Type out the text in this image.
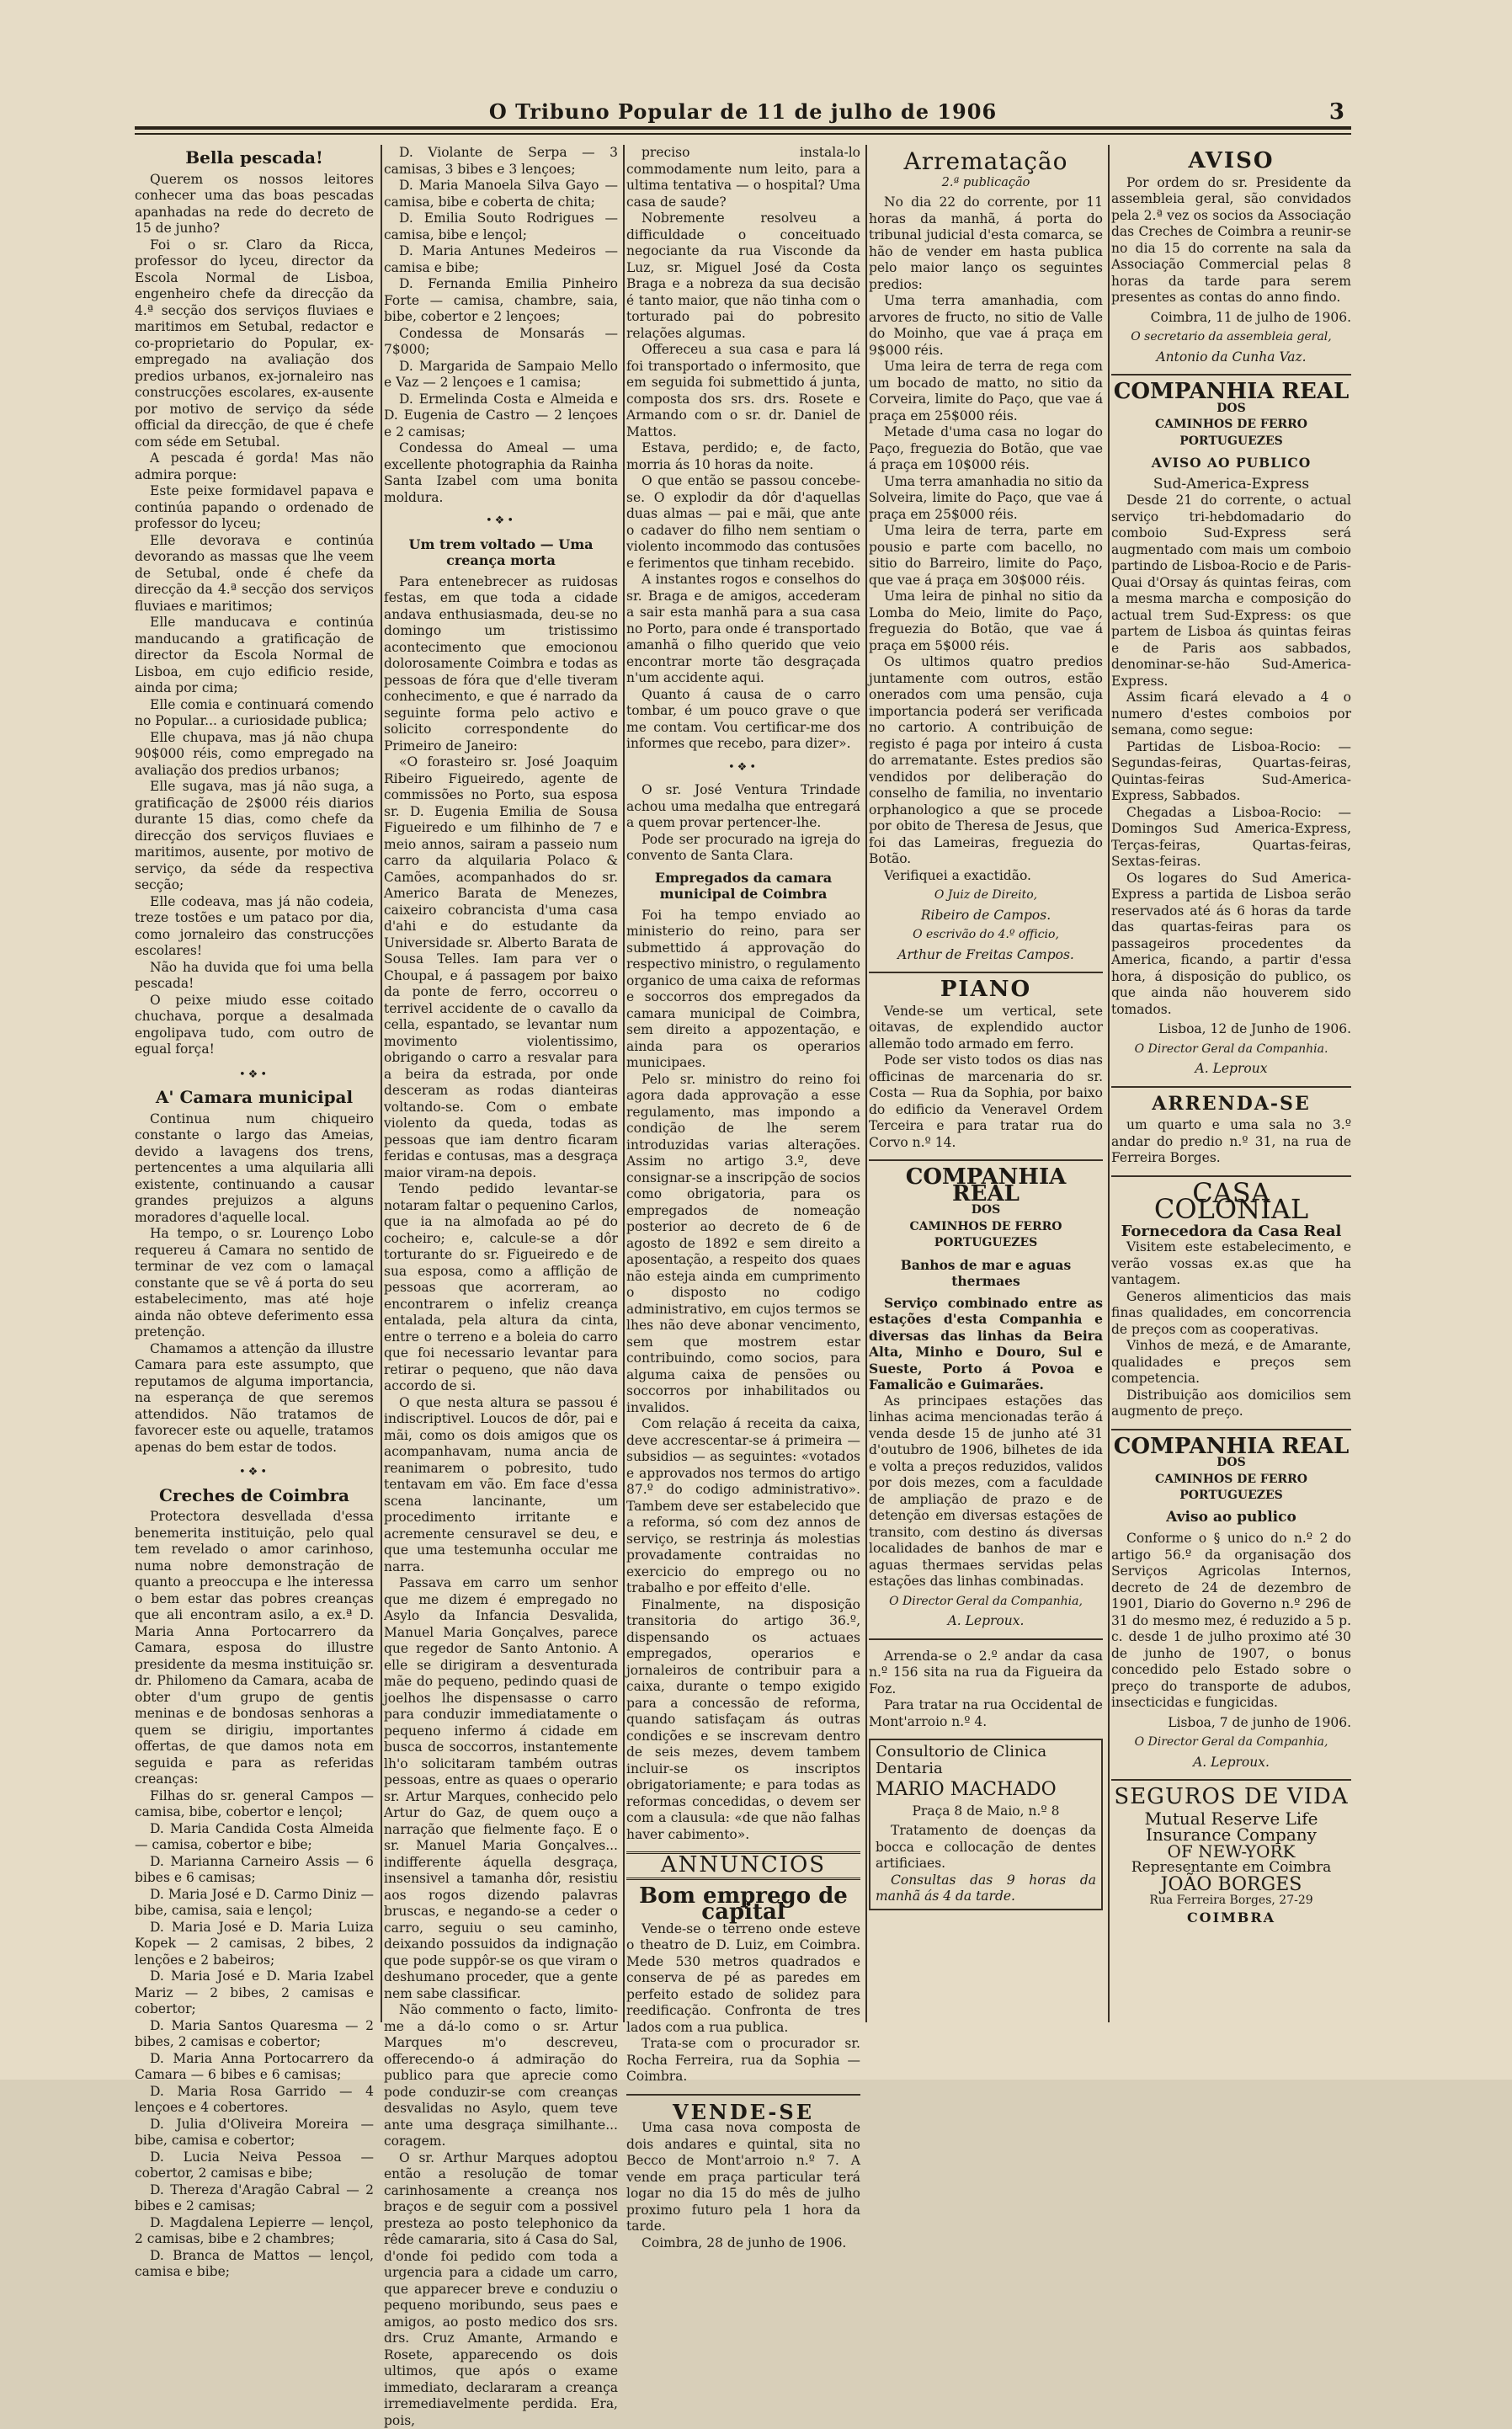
O Tribuno Popular de 11 de julho de 1906	3
Bella pescada!

Querem os nossos leitores conhecer uma das boas pescadas apanhadas na rede do decreto de 15 de junho?

Foi o sr. Claro da Ricca, professor do lyceu, director da Escola Normal de Lisboa, engenheiro chefe da direcção da 4.ª secção dos serviços fluviaes e maritimos em Setubal, redactor e co-proprietario do Popular, ex-empregado na avaliação dos predios urbanos, ex-jornaleiro nas construcções escolares, ex-ausente por motivo de serviço da séde official da direcção, de que é chefe com séde em Setubal.

A pescada é gorda! Mas não admira porque:

Este peixe formidavel papava e continúa papando o ordenado de professor do lyceu;

Elle devorava e continúa devorando as massas que lhe veem de Setubal, onde é chefe da direcção da 4.ª secção dos serviços fluviaes e maritimos;

Elle manducava e continúa manducando a gratificação de director da Escola Normal de Lisboa, em cujo edificio reside, ainda por cima;

Elle comia e continuará comendo no Popular... a curiosidade publica;

Elle chupava, mas já não chupa 90$000 réis, como empregado na avaliação dos predios urbanos;

Elle sugava, mas já não suga, a gratificação de 2$000 réis diarios durante 15 dias, como chefe da direcção dos serviços fluviaes e maritimos, ausente, por motivo de serviço, da séde da respectiva secção;

Elle codeava, mas já não codeia, treze tostões e um pataco por dia, como jornaleiro das construcções escolares!

Não ha duvida que foi uma bella pescada!

O peixe miudo esse coitado chuchava, porque a desalmada engolipava tudo, com outro de egual força!

•❖•
A' Camara municipal

Continua num chiqueiro constante o largo das Ameias, devido a lavagens dos trens, pertencentes a uma alquilaria alli existente, continuando a causar grandes prejuizos a alguns moradores d'aquelle local.

Ha tempo, o sr. Lourenço Lobo requereu á Camara no sentido de terminar de vez com o lamaçal constante que se vê á porta do seu estabelecimento, mas até hoje ainda não obteve deferimento essa pretenção.

Chamamos a attenção da illustre Camara para este assumpto, que reputamos de alguma importancia, na esperança de que seremos attendidos. Não tratamos de favorecer este ou aquelle, tratamos apenas do bem estar de todos.

•❖•
Creches de Coimbra

Protectora desvellada d'essa benemerita instituição, pelo qual tem revelado o amor carinhoso, numa nobre demonstração de quanto a preoccupa e lhe interessa o bem estar das pobres creanças que ali encontram asilo, a ex.ª D. Maria Anna Portocarrero da Camara, esposa do illustre presidente da mesma instituição sr. dr. Philomeno da Camara, acaba de obter d'um grupo de gentis meninas e de bondosas senhoras a quem se dirigiu, importantes offertas, de que damos nota em seguida e para as referidas creanças:

Filhas do sr. general Campos — camisa, bibe, cobertor e lençol;

D. Maria Candida Costa Almeida — camisa, cobertor e bibe;

D. Marianna Carneiro Assis — 6 bibes e 6 camisas;

D. Maria José e D. Carmo Diniz — bibe, camisa, saia e lençol;

D. Maria José e D. Maria Luiza Kopek — 2 camisas, 2 bibes, 2 lenções e 2 babeiros;

D. Maria José e D. Maria Izabel Mariz — 2 bibes, 2 camisas e cobertor;

D. Maria Santos Quaresma — 2 bibes, 2 camisas e cobertor;

D. Maria Anna Portocarrero da Camara — 6 bibes e 6 camisas;

D. Maria Rosa Garrido — 4 lençoes e 4 cobertores.

D. Julia d'Oliveira Moreira — bibe, camisa e cobertor;

D. Lucia Neiva Pessoa — cobertor, 2 camisas e bibe;

D. Thereza d'Aragão Cabral — 2 bibes e 2 camisas;

D. Magdalena Lepierre — lençol, 2 camisas, bibe e 2 chambres;

D. Branca de Mattos — lençol, camisa e bibe;

D. Violante de Serpa — 3 camisas, 3 bibes e 3 lençoes;

D. Maria Manoela Silva Gayo — camisa, bibe e coberta de chita;

D. Emilia Souto Rodrigues — camisa, bibe e lençol;

D. Maria Antunes Medeiros — camisa e bibe;

D. Fernanda Emilia Pinheiro Forte — camisa, chambre, saia, bibe, cobertor e 2 lençoes;

Condessa de Monsarás — 7$000;

D. Margarida de Sampaio Mello e Vaz — 2 lençoes e 1 camisa;

D. Ermelinda Costa e Almeida e D. Eugenia de Castro — 2 lençoes e 2 camisas;

Condessa do Ameal — uma excellente photographia da Rainha Santa Izabel com uma bonita moldura.

•❖•
Um trem voltado — Uma creança morta

Para entenebrecer as ruidosas festas, em que toda a cidade andava enthusiasmada, deu-se no domingo um tristissimo acontecimento que emocionou dolorosamente Coimbra e todas as pessoas de fóra que d'elle tiveram conhecimento, e que é narrado da seguinte forma pelo activo e solicito correspondente do Primeiro de Janeiro:

«O forasteiro sr. José Joaquim Ribeiro Figueiredo, agente de commissões no Porto, sua esposa sr. D. Eugenia Emilia de Sousa Figueiredo e um filhinho de 7 e meio annos, sairam a passeio num carro da alquilaria Polaco & Camões, acompanhados do sr. Americo Barata de Menezes, caixeiro cobrancista d'uma casa d'ahi e do estudante da Universidade sr. Alberto Barata de Sousa Telles. Iam para ver o Choupal, e á passagem por baixo da ponte de ferro, occorreu o terrivel accidente de o cavallo da cella, espantado, se levantar num movimento violentissimo, obrigando o carro a resvalar para a beira da estrada, por onde desceram as rodas dianteiras voltando-se. Com o embate violento da queda, todas as pessoas que iam dentro ficaram feridas e contusas, mas a desgraça maior viram-na depois.

Tendo pedido levantar-se notaram faltar o pequenino Carlos, que ia na almofada ao pé do cocheiro; e, calcule-se a dôr torturante do sr. Figueiredo e de sua esposa, como a afflição de pessoas que acorreram, ao encontrarem o infeliz creança entalada, pela altura da cinta, entre o terreno e a boleia do carro que foi necessario levantar para retirar o pequeno, que não dava accordo de si.

O que nesta altura se passou é indiscriptivel. Loucos de dôr, pai e mãi, como os dois amigos que os acompanhavam, numa ancia de reanimarem o pobresito, tudo tentavam em vão. Em face d'essa scena lancinante, um procedimento irritante e acremente censuravel se deu, e que uma testemunha occular me narra.

Passava em carro um senhor que me dizem é empregado no Asylo da Infancia Desvalida, Manuel Maria Gonçalves, parece que regedor de Santo Antonio. A elle se dirigiram a desventurada mãe do pequeno, pedindo quasi de joelhos lhe dispensasse o carro para conduzir immediatamente o pequeno infermo á cidade em busca de soccorros, instantemente lh'o solicitaram também outras pessoas, entre as quaes o operario sr. Artur Marques, conhecido pelo Artur do Gaz, de quem ouço a narração que fielmente faço. E o sr. Manuel Maria Gonçalves... indifferente áquella desgraça, insensivel a tamanha dôr, resistiu aos rogos dizendo palavras bruscas, e negando-se a ceder o carro, seguiu o seu caminho, deixando possuidos da indignação que pode suppôr-se os que viram o deshumano proceder, que a gente nem sabe classificar.

Não commento o facto, limito-me a dá-lo como o sr. Artur Marques m'o descreveu, offerecendo-o á admiração do publico para que aprecie como pode conduzir-se com creanças desvalidas no Asylo, quem teve ante uma desgraça similhante... coragem.

O sr. Arthur Marques adoptou então a resolução de tomar carinhosamente a creança nos braços e de seguir com a possivel presteza ao posto telephonico da rêde camararia, sito á Casa do Sal, d'onde foi pedido com toda a urgencia para a cidade um carro, que apparecer breve e conduziu o pequeno moribundo, seus paes e amigos, ao posto medico dos srs. drs. Cruz Amante, Armando e Rosete, apparecendo os dois ultimos, que após o exame immediato, declararam a creança irremediavelmente perdida. Era, pois,

preciso instala-lo commodamente num leito, para a ultima tentativa — o hospital? Uma casa de saude?

Nobremente resolveu a difficuldade o conceituado negociante da rua Visconde da Luz, sr. Miguel José da Costa Braga e a nobreza da sua decisão é tanto maior, que não tinha com o torturado pai do pobresito relações algumas.

Offereceu a sua casa e para lá foi transportado o infermosito, que em seguida foi submettido á junta, composta dos srs. drs. Rosete e Armando com o sr. dr. Daniel de Mattos.

Estava, perdido; e, de facto, morria ás 10 horas da noite.

O que então se passou concebe-se. O explodir da dôr d'aquellas duas almas — pai e mãi, que ante o cadaver do filho nem sentiam o violento incommodo das contusões e ferimentos que tinham recebido.

A instantes rogos e conselhos do sr. Braga e de amigos, accederam a sair esta manhã para a sua casa no Porto, para onde é transportado amanhã o filho querido que veio encontrar morte tão desgraçada n'um accidente aqui.

Quanto á causa de o carro tombar, é um pouco grave o que me contam. Vou certificar-me dos informes que recebo, para dizer».

•❖•

O sr. José Ventura Trindade achou uma medalha que entregará a quem provar pertencer-lhe.

Pode ser procurado na igreja do convento de Santa Clara.

Empregados da camara municipal de Coimbra

Foi ha tempo enviado ao ministerio do reino, para ser submettido á approvação do respectivo ministro, o regulamento organico de uma caixa de reformas e soccorros dos empregados da camara municipal de Coimbra, sem direito a appozentação, e ainda para os operarios municipaes.

Pelo sr. ministro do reino foi agora dada approvação a esse regulamento, mas impondo a condição de lhe serem introduzidas varias alterações. Assim no artigo 3.º, deve consignar-se a inscripção de socios como obrigatoria, para os empregados de nomeação posterior ao decreto de 6 de agosto de 1892 e sem direito a aposentação, a respeito dos quaes não esteja ainda em cumprimento o disposto no codigo administrativo, em cujos termos se lhes não deve abonar vencimento, sem que mostrem estar contribuindo, como socios, para alguma caixa de pensões ou soccorros por inhabilitados ou invalidos.

Com relação á receita da caixa, deve accrescentar-se á primeira — subsidios — as seguintes: «votados e approvados nos termos do artigo 87.º do codigo administrativo». Tambem deve ser estabelecido que a reforma, só com dez annos de serviço, se restrinja ás molestias provadamente contraidas no exercicio do emprego ou no trabalho e por effeito d'elle.

Finalmente, na disposição transitoria do artigo 36.º, dispensando os actuaes empregados, operarios e jornaleiros de contribuir para a caixa, durante o tempo exigido para a concessão de reforma, quando satisfaçam ás outras condições e se inscrevam dentro de seis mezes, devem tambem incluir-se os inscriptos obrigatoriamente; e para todas as reformas concedidas, o devem ser com a clausula: «de que não falhas haver cabimento».

ANNUNCIOS
Bom emprego de capital

Vende-se o terreno onde esteve o theatro de D. Luiz, em Coimbra. Mede 530 metros quadrados e conserva de pé as paredes em perfeito estado de solidez para reedificação. Confronta de tres lados com a rua publica.

Trata-se com o procurador sr. Rocha Ferreira, rua da Sophia — Coimbra.

VENDE-SE

Uma casa nova composta de dois andares e quintal, sita no Becco de Mont'arroio n.º 7. A vende em praça particular terá logar no dia 15 do mês de julho proximo futuro pela 1 hora da tarde.

Coimbra, 28 de junho de 1906.

Arrematação
2.ª publicação

No dia 22 do corrente, por 11 horas da manhã, á porta do tribunal judicial d'esta comarca, se hão de vender em hasta publica pelo maior lanço os seguintes predios:

Uma terra amanhadia, com arvores de fructo, no sitio de Valle do Moinho, que vae á praça em 9$000 réis.

Uma leira de terra de rega com um bocado de matto, no sitio da Corveira, limite do Paço, que vae á praça em 25$000 réis.

Metade d'uma casa no logar do Paço, freguezia do Botão, que vae á praça em 10$000 réis.

Uma terra amanhadia no sitio da Solveira, limite do Paço, que vae á praça em 25$000 réis.

Uma leira de terra, parte em pousio e parte com bacello, no sitio do Barreiro, limite do Paço, que vae á praça em 30$000 réis.

Uma leira de pinhal no sitio da Lomba do Meio, limite do Paço, freguezia do Botão, que vae á praça em 5$000 réis.

Os ultimos quatro predios juntamente com outros, estão onerados com uma pensão, cuja importancia poderá ser verificada no cartorio. A contribuição de registo é paga por inteiro á custa do arrematante. Estes predios são vendidos por deliberação do conselho de familia, no inventario orphanologico a que se procede por obito de Theresa de Jesus, que foi das Lameiras, freguezia do Botão.

Verifiquei a exactidão.

O Juiz de Direito,
Ribeiro de Campos.
O escrivão do 4.º officio,
Arthur de Freitas Campos.
PIANO

Vende-se um vertical, sete oitavas, de explendido auctor allemão todo armado em ferro.

Pode ser visto todos os dias nas officinas de marcenaria do sr. Costa — Rua da Sophia, por baixo do edificio da Veneravel Ordem Terceira e para tratar rua do Corvo n.º 14.

COMPANHIA REAL
DOS
CAMINHOS DE FERRO PORTUGUEZES
Banhos de mar e aguas thermaes

Serviço combinado entre as estações d'esta Companhia e diversas das linhas da Beira Alta, Minho e Douro, Sul e Sueste, Porto á Povoa e Famalicão e Guimarães.

As principaes estações das linhas acima mencionadas terão á venda desde 15 de junho até 31 d'outubro de 1906, bilhetes de ida e volta a preços reduzidos, validos por dois mezes, com a faculdade de ampliação de prazo e de detenção em diversas estações de transito, com destino ás diversas localidades de banhos de mar e aguas thermaes servidas pelas estações das linhas combinadas.

O Director Geral da Companhia,
A. Leproux.

Arrenda-se o 2.º andar da casa n.º 156 sita na rua da Figueira da Foz.

Para tratar na rua Occidental de Mont'arroio n.º 4.

Consultorio de Clinica Dentaria
MARIO MACHADO
Praça 8 de Maio, n.º 8

Tratamento de doenças da bocca e collocação de dentes artificiaes.

Consultas das 9 horas da manhã ás 4 da tarde.

AVISO

Por ordem do sr. Presidente da assembleia geral, são convidados pela 2.ª vez os socios da Associação das Creches de Coimbra a reunir-se no dia 15 do corrente na sala da Associação Commercial pelas 8 horas da tarde para serem presentes as contas do anno findo.

Coimbra, 11 de julho de 1906.
O secretario da assembleia geral,
Antonio da Cunha Vaz.
COMPANHIA REAL
DOS
CAMINHOS DE FERRO PORTUGUEZES
AVISO AO PUBLICO
Sud-America-Express

Desde 21 do corrente, o actual serviço tri-hebdomadario do comboio Sud-Express será augmentado com mais um comboio partindo de Lisboa-Rocio e de Paris-Quai d'Orsay ás quintas feiras, com a mesma marcha e composição do actual trem Sud-Express: os que partem de Lisboa ás quintas feiras e de Paris aos sabbados, denominar-se-hão Sud-America-Express.

Assim ficará elevado a 4 o numero d'estes comboios por semana, como segue:

Partidas de Lisboa-Rocio: — Segundas-feiras, Quartas-feiras, Quintas-feiras Sud-America-Express, Sabbados.

Chegadas a Lisboa-Rocio: — Domingos Sud America-Express, Terças-feiras, Quartas-feiras, Sextas-feiras.

Os logares do Sud America-Express a partida de Lisboa serão reservados até ás 6 horas da tarde das quartas-feiras para os passageiros procedentes da America, ficando, a partir d'essa hora, á disposição do publico, os que ainda não houverem sido tomados.

Lisboa, 12 de Junho de 1906.
O Director Geral da Companhia.
A. Leproux
ARRENDA-SE

um quarto e uma sala no 3.º andar do predio n.º 31, na rua de Ferreira Borges.

CASA COLONIAL
Fornecedora da Casa Real

Visitem este estabelecimento, e verão vossas ex.as que ha vantagem.

Generos alimenticios das mais finas qualidades, em concorrencia de preços com as cooperativas.

Vinhos de mezá, e de Amarante, qualidades e preços sem competencia.

Distribuição aos domicilios sem augmento de preço.

COMPANHIA REAL
DOS
CAMINHOS DE FERRO PORTUGUEZES
Aviso ao publico

Conforme o § unico do n.º 2 do artigo 56.º da organisação dos Serviços Agricolas Internos, decreto de 24 de dezembro de 1901, Diario do Governo n.º 296 de 31 do mesmo mez, é reduzido a 5 p. c. desde 1 de julho proximo até 30 de junho de 1907, o bonus concedido pelo Estado sobre o preço do transporte de adubos, insecticidas e fungicidas.

Lisboa, 7 de junho de 1906.
O Director Geral da Companhia,
A. Leproux.
SEGUROS DE VIDA
Mutual Reserve Life
Insurance Company
OF NEW-YORK
Representante em Coimbra
JOÃO BORGES
Rua Ferreira Borges, 27-29
COIMBRA
